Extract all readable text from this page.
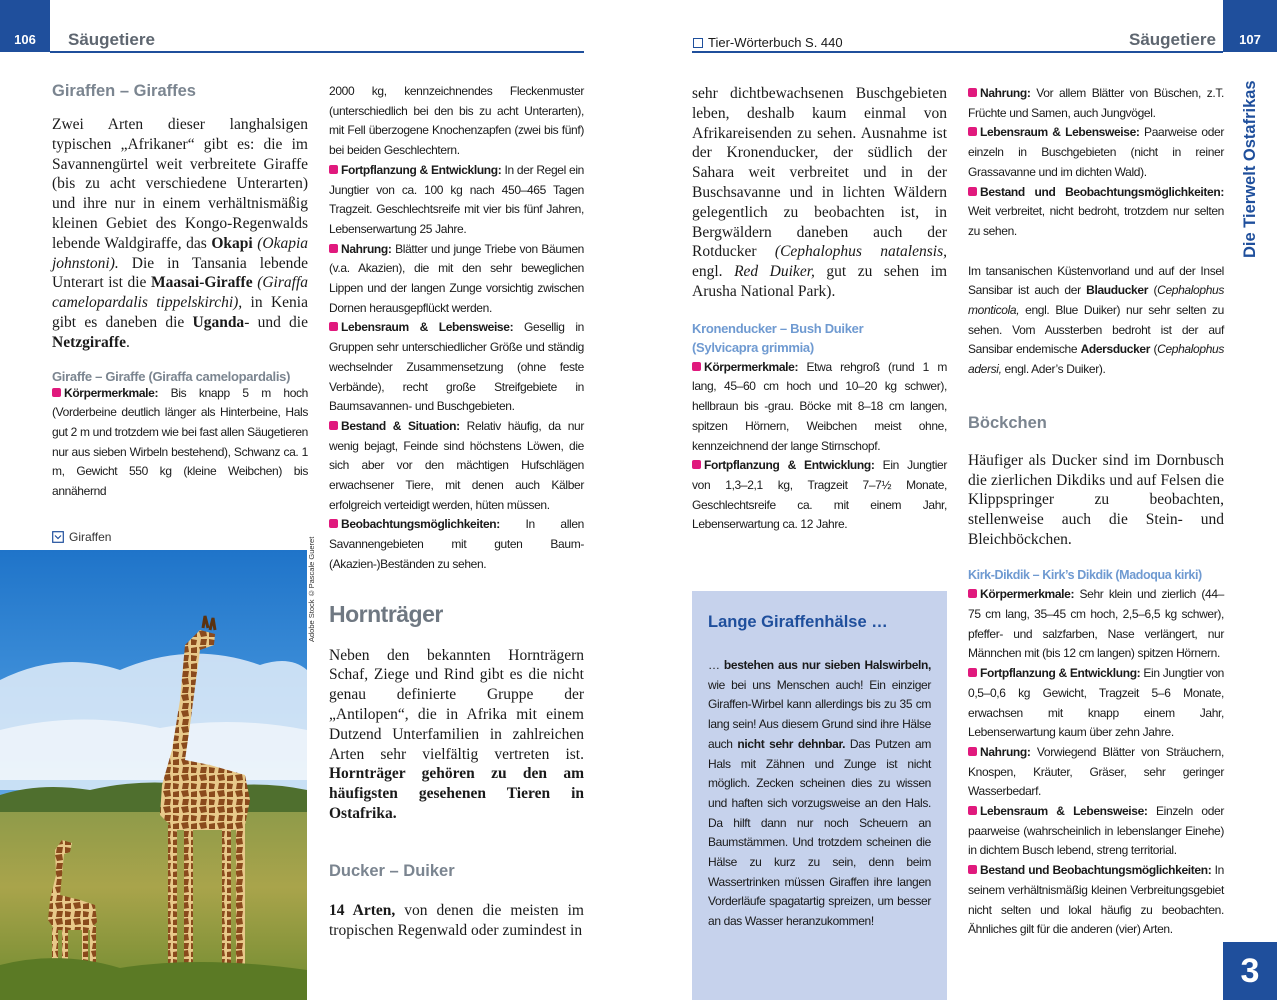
106	Säugetiere
Giraffen – Giraffes

Zwei Arten dieser langhalsigen typischen „Afrikaner“ gibt es: die im Savannengürtel weit verbreitete Giraffe (bis zu acht verschiedene Unterarten) und ihre nur in einem verhältnismäßig kleinen Gebiet des Kongo-Regenwalds lebende Waldgiraffe, das Okapi (Okapia johnstoni). Die in Tansania lebende Unterart ist die Maasai-Giraffe (Giraffa camelopardalis tippelskirchi), in Kenia gibt es daneben die Uganda- und die Netzgiraffe.

Giraffe – Giraffe (Giraffa camelopardalis)

Körpermerkmale: Bis knapp 5 m hoch (Vorderbeine deutlich länger als Hinterbeine, Hals gut 2 m und trotzdem wie bei fast allen Säugetieren nur aus sieben Wirbeln bestehend), Schwanz ca. 1 m, Gewicht 550 kg (kleine Weibchen) bis annähernd

Giraffen	Adobe Stock ©Pascale Gueret

2000 kg, kennzeichnendes Fleckenmuster (unterschiedlich bei den bis zu acht Unterarten), mit Fell überzogene Knochenzapfen (zwei bis fünf) bei beiden Geschlechtern.

Fortpflanzung & Entwicklung: In der Regel ein Jungtier von ca. 100 kg nach 450–465 Tagen Tragzeit. Geschlechtsreife mit vier bis fünf Jahren, Lebenserwartung 25 Jahre.

Nahrung: Blätter und junge Triebe von Bäumen (v.a. Akazien), die mit den sehr beweglichen Lippen und der langen Zunge vorsichtig zwischen Dornen herausgepflückt werden.

Lebensraum & Lebensweise: Gesellig in Gruppen sehr unterschiedlicher Größe und ständig wechselnder Zusammensetzung (ohne feste Verbände), recht große Streifgebiete in Baumsavannen- und Buschgebieten.

Bestand & Situation: Relativ häufig, da nur wenig bejagt, Feinde sind höchstens Löwen, die sich aber vor den mächtigen Hufschlägen erwachsener Tiere, mit denen auch Kälber erfolgreich verteidigt werden, hüten müssen.

Beobachtungsmöglichkeiten: In allen Savannengebieten mit guten Baum-(Akazien-)Beständen zu sehen.

Hornträger

Neben den bekannten Hornträgern Schaf, Ziege und Rind gibt es die nicht genau definierte Gruppe der „Antilopen“, die in Afrika mit einem Dutzend Unterfamilien in zahlreichen Arten sehr vielfältig vertreten ist. Hornträger gehören zu den am häufigsten gesehenen Tieren in Ostafrika.

Ducker – Duiker

14 Arten, von denen die meisten im tropischen Regenwald oder zumindest in

Tier-Wörterbuch S. 440	Säugetiere	107
Die Tierwelt Ostafrikas
3

sehr dichtbewachsenen Buschgebieten leben, deshalb kaum einmal von Afrikareisenden zu sehen. Ausnahme ist der Kronenducker, der südlich der Sahara weit verbreitet und in der Buschsavanne und in lichten Wäldern gelegentlich zu beobachten ist, in Bergwäldern daneben auch der Rotducker (Cephalophus natalensis, engl. Red Duiker, gut zu sehen im Arusha National Park).

Kronenducker – Bush Duiker
(Sylvicapra grimmia)

Körpermerkmale: Etwa rehgroß (rund 1 m lang, 45–60 cm hoch und 10–20 kg schwer), hellbraun bis -grau. Böcke mit 8–18 cm langen, spitzen Hörnern, Weibchen meist ohne, kennzeichnend der lange Stirnschopf.

Fortpflanzung & Entwicklung: Ein Jungtier von 1,3–2,1 kg, Tragzeit 7–7½ Monate, Geschlechtsreife ca. mit einem Jahr, Lebenserwartung ca. 12 Jahre.

Lange Giraffenhälse …

… bestehen aus nur sieben Halswirbeln, wie bei uns Menschen auch! Ein einziger Giraffen-Wirbel kann allerdings bis zu 35 cm lang sein! Aus diesem Grund sind ihre Hälse auch nicht sehr dehnbar. Das Putzen am Hals mit Zähnen und Zunge ist nicht möglich. Zecken scheinen dies zu wissen und haften sich vorzugsweise an den Hals. Da hilft dann nur noch Scheuern an Baumstämmen. Und trotzdem scheinen die Hälse zu kurz zu sein, denn beim Wassertrinken müssen Giraffen ihre langen Vorderläufe spagatartig spreizen, um besser an das Wasser heranzukommen!

Nahrung: Vor allem Blätter von Büschen, z.T. Früchte und Samen, auch Jungvögel.

Lebensraum & Lebensweise: Paarweise oder einzeln in Buschgebieten (nicht in reiner Grassavanne und im dichten Wald).

Bestand und Beobachtungsmöglichkeiten: Weit verbreitet, nicht bedroht, trotzdem nur selten zu sehen.

Im tansanischen Küstenvorland und auf der Insel Sansibar ist auch der Blauducker (Cephalophus monticola, engl. Blue Duiker) nur sehr selten zu sehen. Vom Aussterben bedroht ist der auf Sansibar endemische Adersducker (Cephalophus adersi, engl. Ader’s Duiker).

Böckchen

Häufiger als Ducker sind im Dornbusch die zierlichen Dikdiks und auf Felsen die Klippspringer zu beobachten, stellenweise auch die Stein- und Bleichböckchen.

Kirk-Dikdik – Kirk’s Dikdik (Madoqua kirki)

Körpermerkmale: Sehr klein und zierlich (44–75 cm lang, 35–45 cm hoch, 2,5–6,5 kg schwer), pfeffer- und salzfarben, Nase verlängert, nur Männchen mit (bis 12 cm langen) spitzen Hörnern.

Fortpflanzung & Entwicklung: Ein Jungtier von 0,5–0,6 kg Gewicht, Tragzeit 5–6 Monate, erwachsen mit knapp einem Jahr, Lebenserwartung kaum über zehn Jahre.

Nahrung: Vorwiegend Blätter von Sträuchern, Knospen, Kräuter, Gräser, sehr geringer Wasserbedarf.

Lebensraum & Lebensweise: Einzeln oder paarweise (wahrscheinlich in lebenslanger Einehe) in dichtem Busch lebend, streng territorial.

Bestand und Beobachtungsmöglichkeiten: In seinem verhältnismäßig kleinen Verbreitungsgebiet nicht selten und lokal häufig zu beobachten. Ähnliches gilt für die anderen (vier) Arten.
